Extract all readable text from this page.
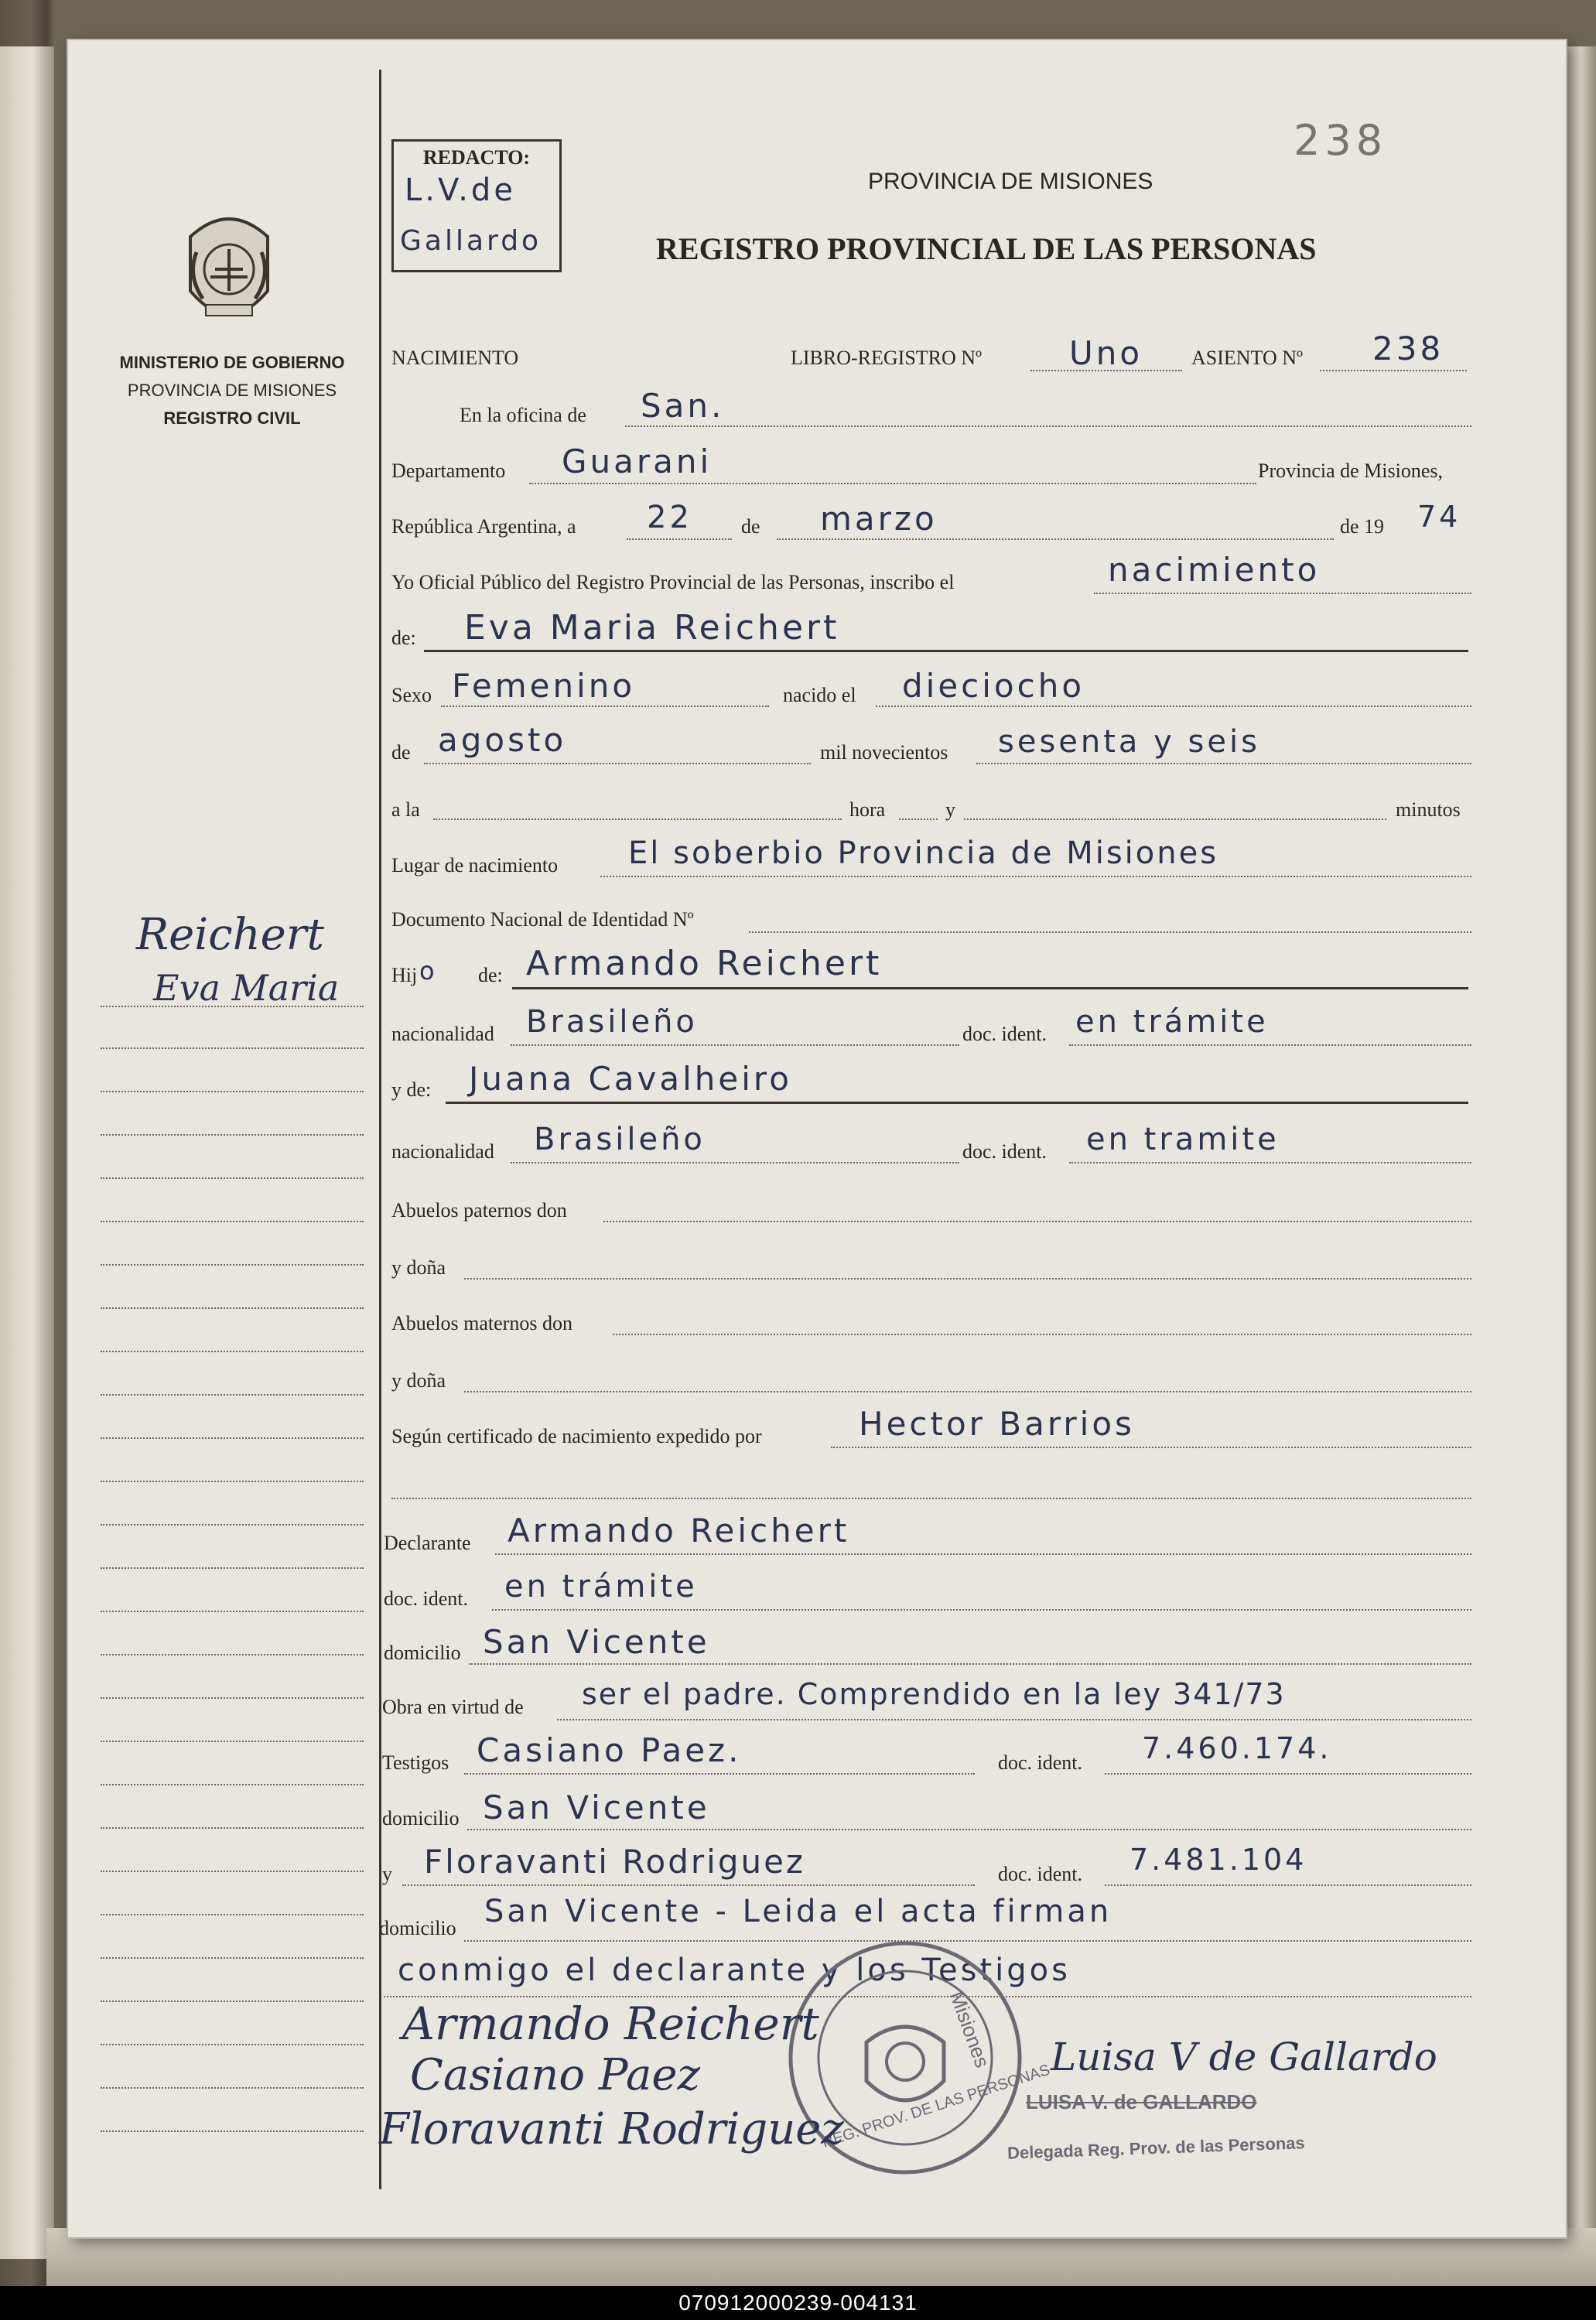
238
REDACTO:
L.V.de
Gallardo
PROVINCIA DE MISIONES
REGISTRO PROVINCIAL DE LAS PERSONAS
MINISTERIO DE GOBIERNO
PROVINCIA DE MISIONES
REGISTRO CIVIL
Reichert
Eva Maria
NACIMIENTO	LIBRO-REGISTRO Nº	Uno ASIENTO Nº 238
En la oficina de San.
Departamento Guarani	Provincia de Misiones,
República Argentina, a 22 de marzo	de 19 74
Yo Oficial Público del Registro Provincial de las Personas, inscribo el	nacimiento
de: Eva Maria Reichert
Sexo Femenino	nacido el dieciocho
de agosto	mil novecientos sesenta y seis
a la	hora	y	minutos
Lugar de nacimiento El soberbio Provincia de Misiones
Documento Nacional de Identidad Nº
Hij o de: Armando Reichert
nacionalidad Brasileño	doc. ident. en trámite
y de: Juana Cavalheiro
nacionalidad Brasileño	doc. ident. en tramite
Abuelos paternos don
y doña
Abuelos maternos don
y doña
Según certificado de nacimiento expedido por	Hector Barrios
Declarante Armando Reichert
doc. ident. en trámite
domicilio San Vicente
Obra en virtud de ser el padre. Comprendido en la ley 341/73
Testigos Casiano Paez.	doc. ident. 7.460.174.
domicilio San Vicente
y Floravanti Rodriguez	doc. ident. 7.481.104
domicilio San Vicente - Leida el acta firman
conmigo el declarante y los Testigos
Misiones
REG. PROV. DE LAS PERSONAS
Armando Reichert
Casiano Paez
Floravanti Rodriguez
Luisa V de Gallardo
LUISA V. de GALLARDO
Delegada Reg. Prov. de las Personas
070912000239-004131
